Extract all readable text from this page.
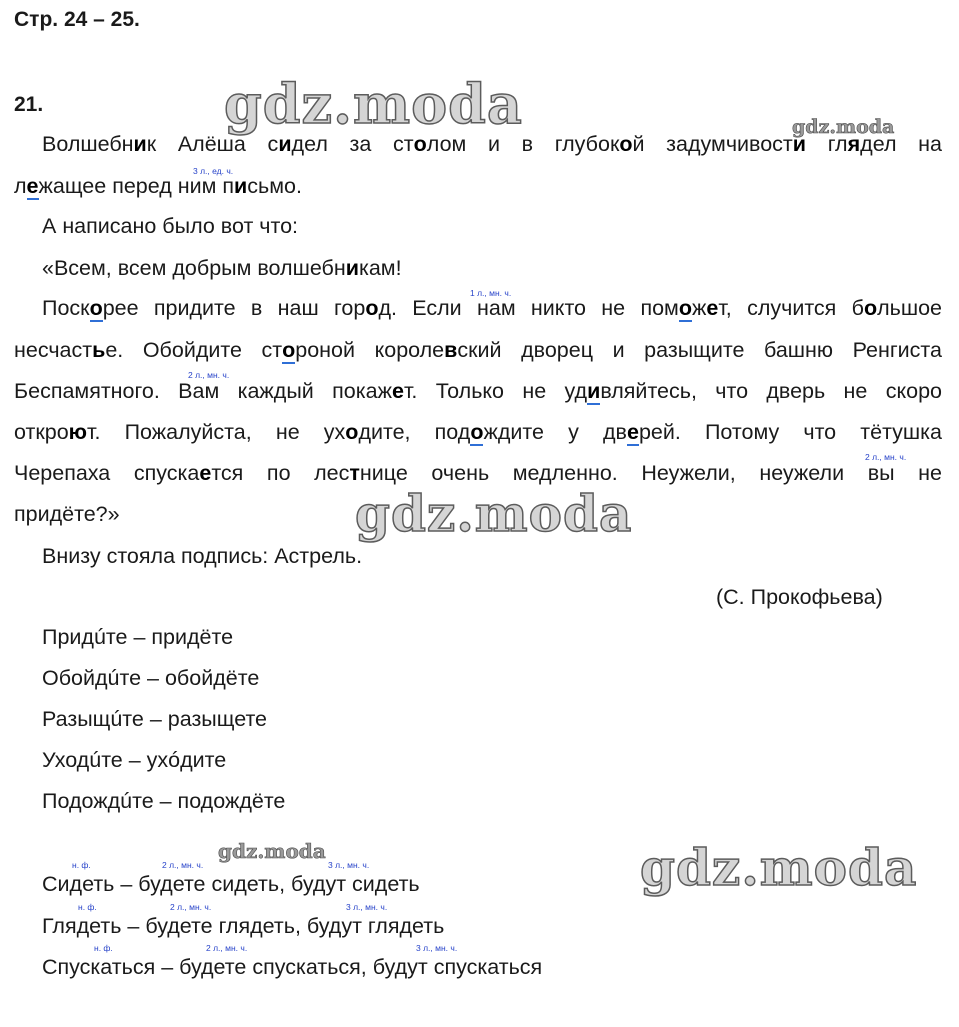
Стр. 24 – 25.
21.	gdz.moda	gdz.moda
gdz.moda
gdz.moda	gdz.moda
3 л., ед. ч.
1 л., мн. ч.
2 л., мн. ч.
2 л., мн. ч.
Волшебник Алёша сидел за столом и в глубокой задумчивости глядел на
лежащее перед ним письмо.
А написано было вот что:
«Всем, всем добрым волшебникам!
Поскорее придите в наш город. Если нам никто не поможет, случится большое
несчастье. Обойдите стороной королевский дворец и разыщите башню Ренгиста
Беспамятного. Вам каждый покажет. Только не удивляйтесь, что дверь не скоро
откроют. Пожалуйста, не уходите, подождите у дверей. Потому что тётушка
Черепаха спускается по лестнице очень медленно. Неужели, неужели вы не
придёте?»
Внизу стояла подпись: Астрель.
(С. Прокофьева)
Придúте – придёте
Обойдúте – обойдёте
Разыщúте – разыщете
Уходúте – ухóдите
Подождúте – подождёте
н. ф.	2 л., мн. ч.	3 л., мн. ч.
Сидеть – будете сидеть, будут сидеть
н. ф.	2 л., мн. ч.	3 л., мн. ч.
Глядеть – будете глядеть, будут глядеть
н. ф.	2 л., мн. ч.	3 л., мн. ч.
Спускаться – будете спускаться, будут спускаться
